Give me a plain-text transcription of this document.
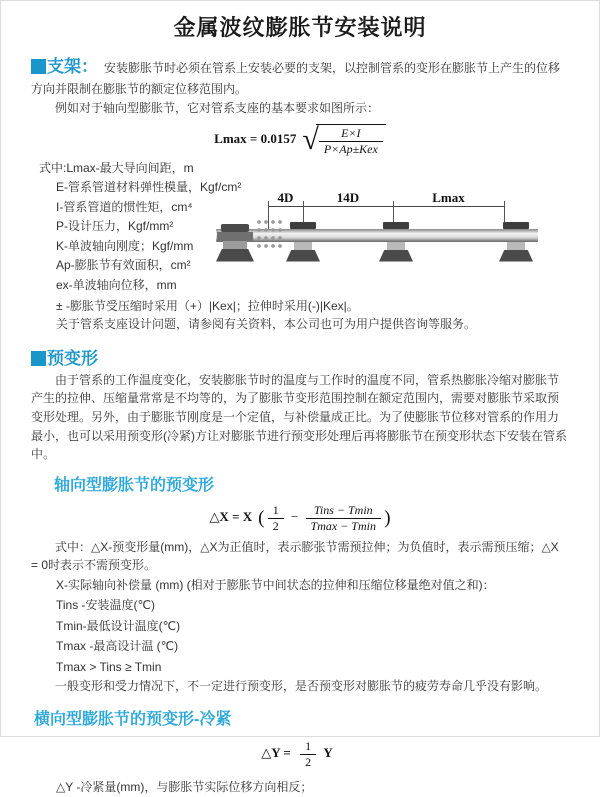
金属波纹膨胀节安装说明
支架： 安装膨胀节时必须在管系上安装必要的支架，以控制管系的变形在膨胀节上产生的位移方向并限制在膨胀节的额定位移范围内。

例如对于轴向型膨胀节，它对管系支座的基本要求如图所示：

Lmax = 0.0157 √ $\frac{E\times I}{\text{P×Ap±Kex}}$
式中:Lmax-最大导向间距，m
E-管系管道材料弹性模量，Kgf/cm²
I-管系管道的惯性矩，cm⁴
P-设计压力，Kgf/mm²
K-单波轴向刚度；Kgf/mm
Ap-膨胀节有效面积，cm²
ex-单波轴向位移，mm
4D	14D	Lmax

± -膨胀节受压缩时采用（+）|Kex|；拉伸时采用(-)|Kex|。

关于管系支座设计问题，请参阅有关资料，本公司也可为用户提供咨询等服务。

预变形

由于管系的工作温度变化，安装膨胀节时的温度与工作时的温度不同，管系热膨胀冷缩对膨胀节产生的拉伸、压缩量常常是不均等的，为了膨胀节变形范围控制在额定范围内，需要对膨胀节采取预变形处理。另外，由于膨胀节刚度是一个定值，与补偿量成正比。为了使膨胀节位移对管系的作用力最小，也可以采用预变形(冷紧)方让对膨胀节进行预变形处理后再将膨胀节在预变形状态下安装在管系中。

轴向型膨胀节的预变形
△X = X ( $\frac{1}{2} - \frac{\text{Tins − Tmin}}{Tmax - Tmin}$ )

式中：△X-预变形量(mm)，△X为正值时，表示膨张节需预拉伸；为负值时，表示需预压缩；△X = 0时表示不需预变形。

X-实际轴向补偿量 (mm) (相对于膨胀节中间状态的拉伸和压缩位移量绝对值之和)：
Tins -安装温度(℃)
Tmin-最低设计温度(℃)
Tmax -最高设计温 (℃)
Tmax > Tins ≥ Tmin

一般变形和受力情况下，不一定进行预变形，是否预变形对膨胀节的疲劳寿命几乎没有影响。

横向型膨胀节的预变形-冷紧
△Y = $\frac{1}{2}$ Y

△Y -冷紧量(mm)，与膨胀节实际位移方向相反；
